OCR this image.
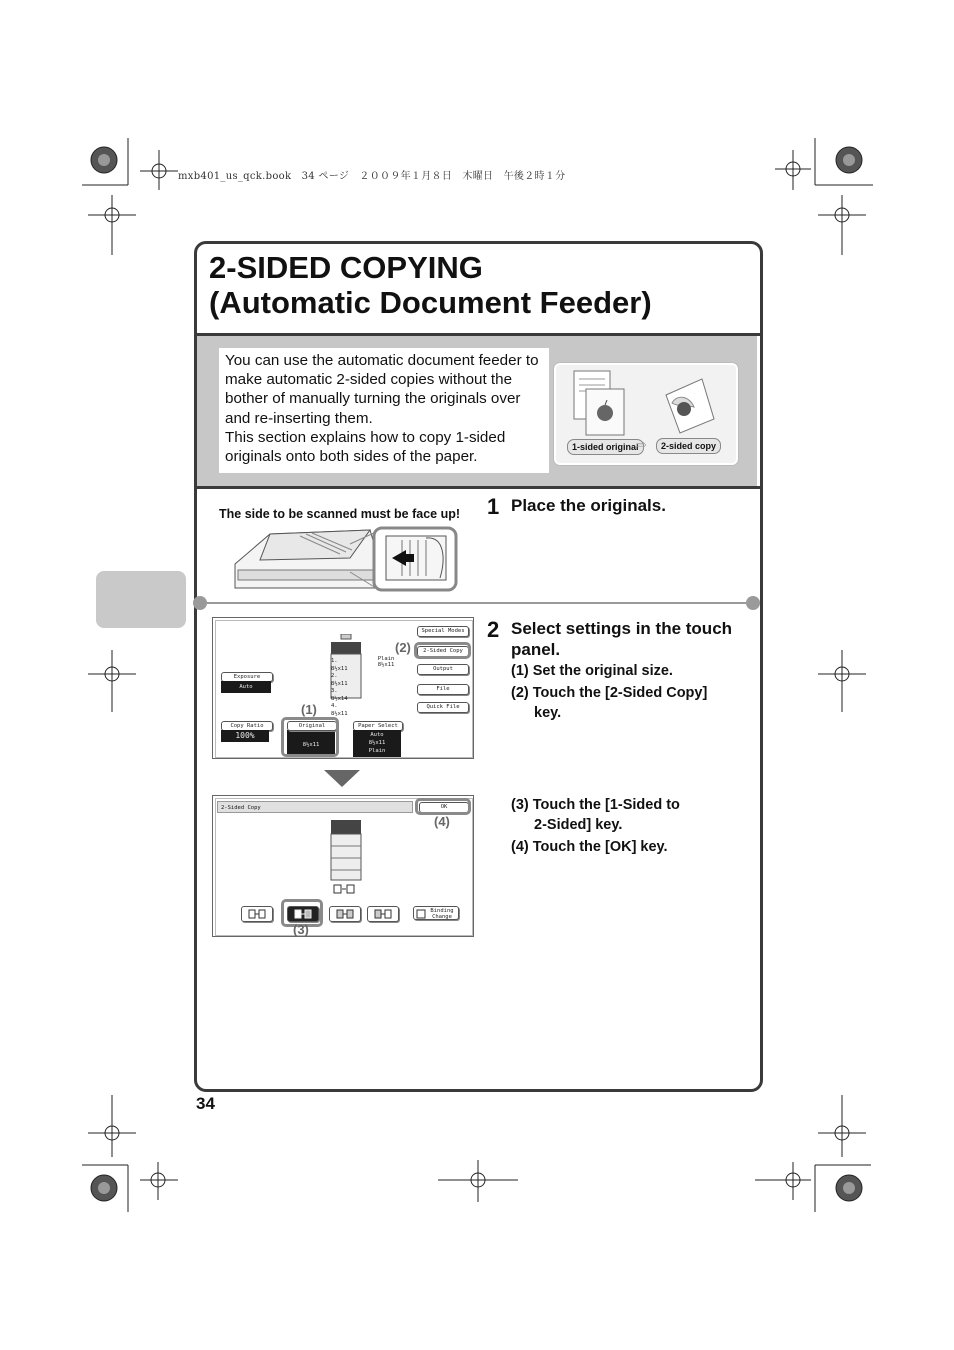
mxb401_us_qck.book　34 ページ　２００９年１月８日　木曜日　午後２時１分
2-SIDED COPYING
(Automatic Document Feeder)
You can use the automatic document feeder to make automatic 2-sided copies without the bother of manually turning the originals over and re-inserting them.
This section explains how to copy 1-sided originals onto both sides of the paper.
1-sided original
⇨	2-sided copy
The side to be scanned must be face up! 1 Place the originals.
2 Select settings in the touch
panel.
(1) Set the original size.
(2) Touch the [2-Sided Copy]
key.
(3) Touch the [1-Sided to
2-Sided] key.
(4) Touch the [OK] key.
Special Modes
2-Sided Copy
(2)
Output
File
Quick File
1. 8½x11
2. 8½x11
3. 8½x14
4. 8½x11
Plain
8½x11
Exposure
Auto
Copy Ratio
100%
8½x11
Original
(1)
Paper Select
Auto
8½x11
Plain
2-Sided Copy	OK
(4)
(3)
Binding
Change
34
